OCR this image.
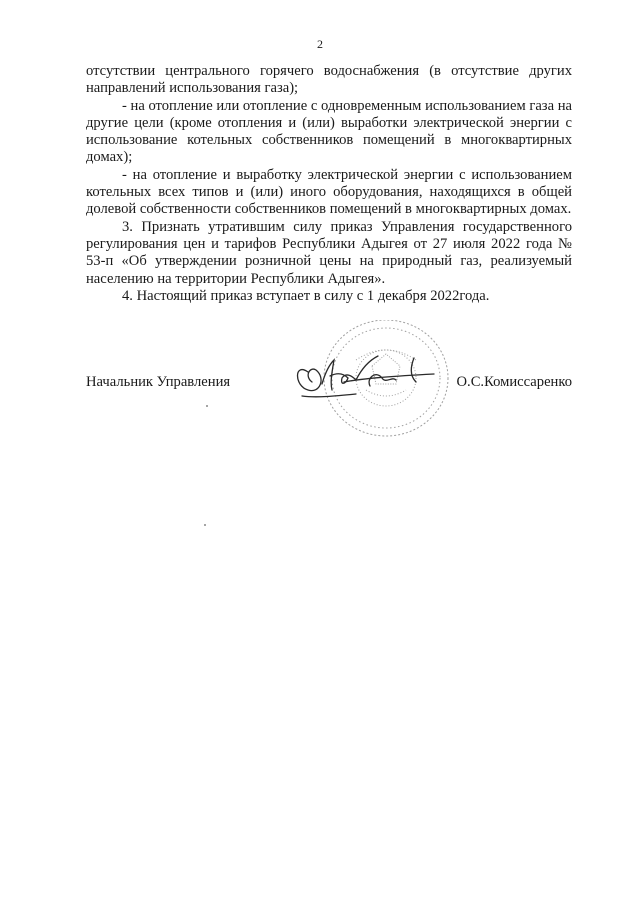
2

отсутствии центрального горячего водоснабжения (в отсутствие других направлений использования газа);

- на отопление или отопление с одновременным использованием газа на другие цели (кроме отопления и (или) выработки электрической энергии с использование котельных собственников помещений в многоквартирных домах);

- на отопление и выработку электрической энергии с использованием котельных всех типов и (или) иного оборудования, находящихся в общей долевой собственности собственников помещений в многоквартирных домах.

3. Признать утратившим силу приказ Управления государственного регулирования цен и тарифов Республики Адыгея от 27 июля 2022 года № 53-п «Об утверждении розничной цены на природный газ, реализуемый населению на территории Республики Адыгея».

4. Настоящий приказ вступает в силу с 1 декабря 2022года.

Начальник Управления	О.С.Комиссаренко
